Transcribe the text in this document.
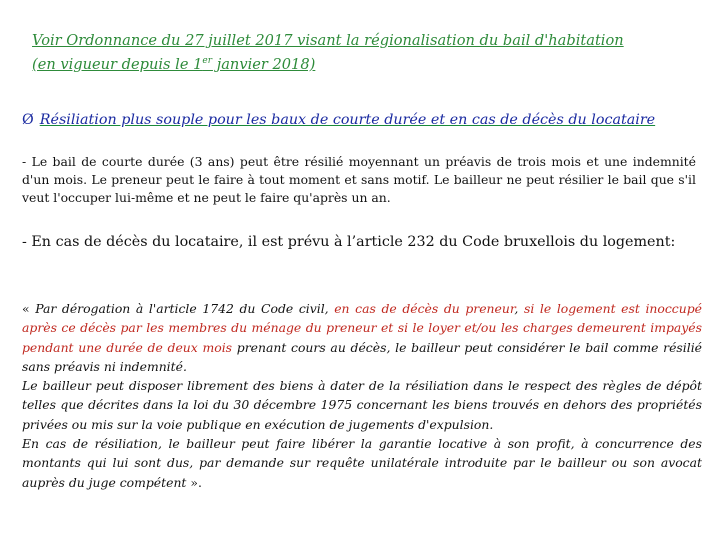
Voir Ordonnance du 27 juillet 2017 visant la régionalisation du bail d'habitation
(en vigueur depuis le 1er janvier 2018)
Ø Résiliation plus souple pour les baux de courte durée et en cas de décès du locataire
- Le bail de courte durée (3 ans) peut être résilié moyennant un préavis de trois mois et une indemnité d'un mois. Le preneur peut le faire à tout moment et sans motif. Le bailleur ne peut résilier le bail que s'il veut l'occuper lui-même et ne peut le faire qu'après un an.
- En cas de décès du locataire, il est prévu à l’article 232 du Code bruxellois du logement:
« Par dérogation à l'article 1742 du Code civil, en cas de décès du preneur, si le logement est inoccupé après ce décès par les membres du ménage du preneur et si le loyer et/ou les charges demeurent impayés pendant une durée de deux mois prenant cours au décès, le bailleur peut considérer le bail comme résilié sans préavis ni indemnité.
Le bailleur peut disposer librement des biens à dater de la résiliation dans le respect des règles de dépôt telles que décrites dans la loi du 30 décembre 1975 concernant les biens trouvés en dehors des propriétés privées ou mis sur la voie publique en exécution de jugements d'expulsion.
En cas de résiliation, le bailleur peut faire libérer la garantie locative à son profit, à concurrence des montants qui lui sont dus, par demande sur requête unilatérale introduite par le bailleur ou son avocat auprès du juge compétent ».
